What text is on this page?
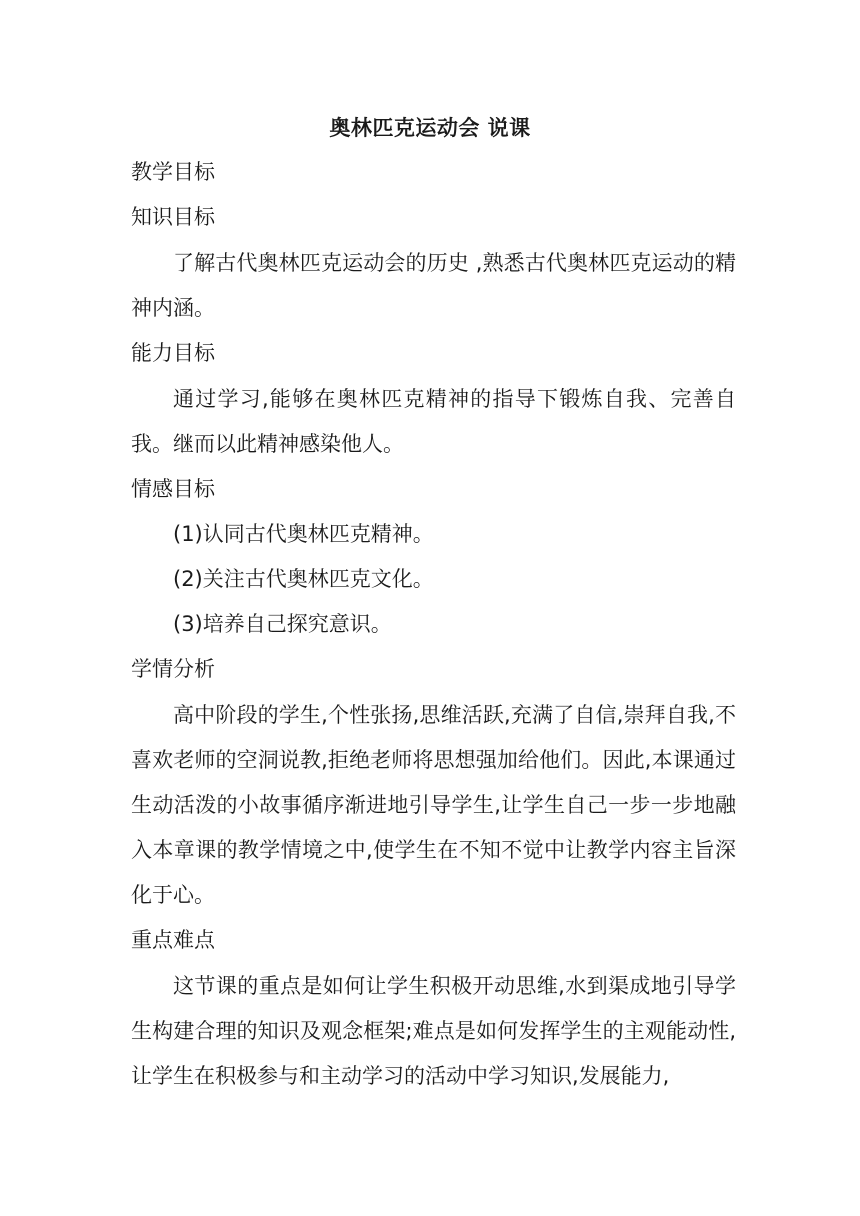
奥林匹克运动会 说课

教学目标

知识目标

了解古代奥林匹克运动会的历史 ,熟悉古代奥林匹克运动的精神内涵。

能力目标

通过学习,能够在奥林匹克精神的指导下锻炼自我、完善自我。继而以此精神感染他人。

情感目标

(1)认同古代奥林匹克精神。

(2)关注古代奥林匹克文化。

(3)培养自己探究意识。

学情分析

高中阶段的学生,个性张扬,思维活跃,充满了自信,崇拜自我,不喜欢老师的空洞说教,拒绝老师将思想强加给他们。因此,本课通过生动活泼的小故事循序渐进地引导学生,让学生自己一步一步地融入本章课的教学情境之中,使学生在不知不觉中让教学内容主旨深化于心。

重点难点

这节课的重点是如何让学生积极开动思维,水到渠成地引导学生构建合理的知识及观念框架;难点是如何发挥学生的主观能动性,让学生在积极参与和主动学习的活动中学习知识,发展能力,
